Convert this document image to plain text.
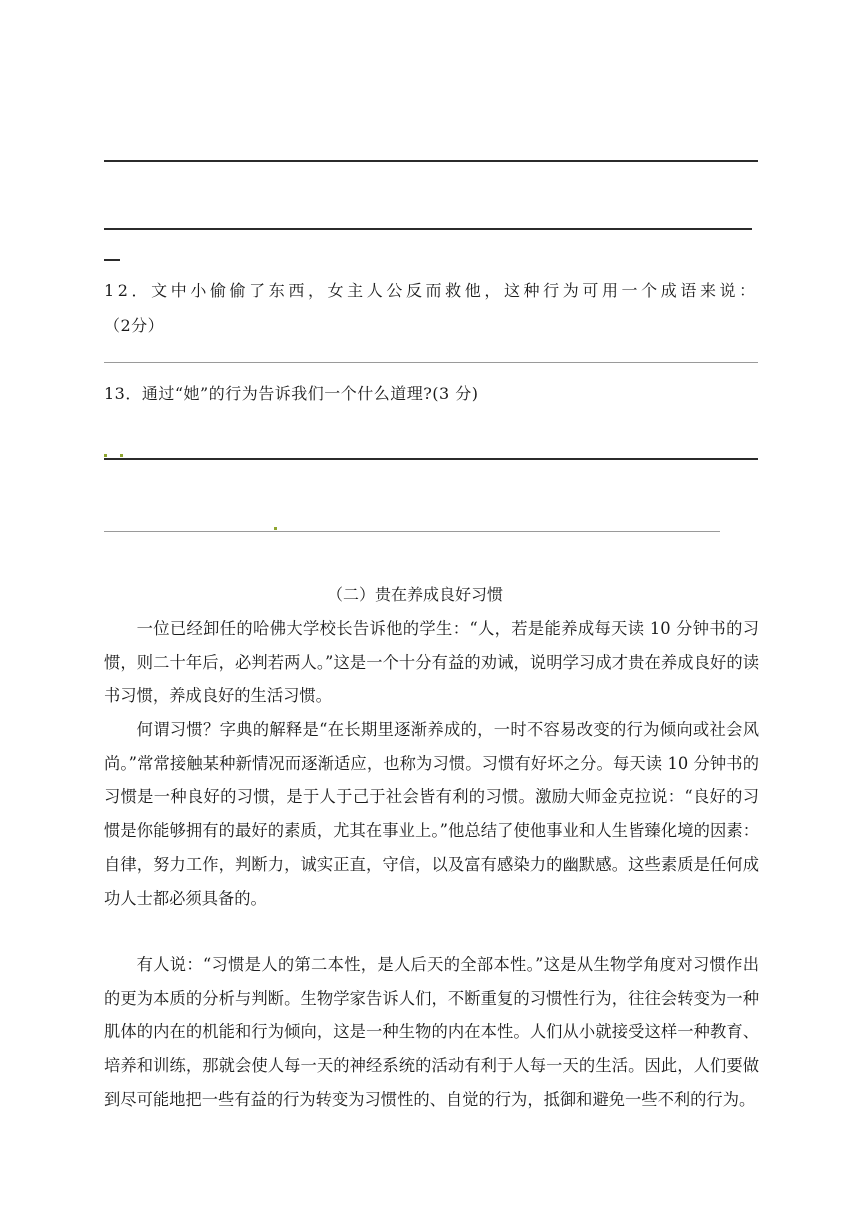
12．文中小偷偷了东西，女主人公反而救他，这种行为可用一个成语来说：
（2分）
13．通过“她”的行为告诉我们一个什么道理?(3 分)
（二）贵在养成良好习惯

一位已经卸任的哈佛大学校长告诉他的学生：“人，若是能养成每天读 10 分钟书的习惯，则二十年后，必判若两人。”这是一个十分有益的劝诫，说明学习成才贵在养成良好的读书习惯，养成良好的生活习惯。

何谓习惯？字典的解释是“在长期里逐渐养成的，一时不容易改变的行为倾向或社会风尚。”常常接触某种新情况而逐渐适应，也称为习惯。习惯有好坏之分。每天读 10 分钟书的习惯是一种良好的习惯，是于人于己于社会皆有利的习惯。激励大师金克拉说：“良好的习惯是你能够拥有的最好的素质，尤其在事业上。”他总结了使他事业和人生皆臻化境的因素：自律，努力工作，判断力，诚实正直，守信，以及富有感染力的幽默感。这些素质是任何成功人士都必须具备的。

有人说：“习惯是人的第二本性，是人后天的全部本性。”这是从生物学角度对习惯作出的更为本质的分析与判断。生物学家告诉人们，不断重复的习惯性行为，往往会转变为一种肌体的内在的机能和行为倾向，这是一种生物的内在本性。人们从小就接受这样一种教育、培养和训练，那就会使人每一天的神经系统的活动有利于人每一天的生活。因此，人们要做到尽可能地把一些有益的行为转变为习惯性的、自觉的行为，抵御和避免一些不利的行为。
